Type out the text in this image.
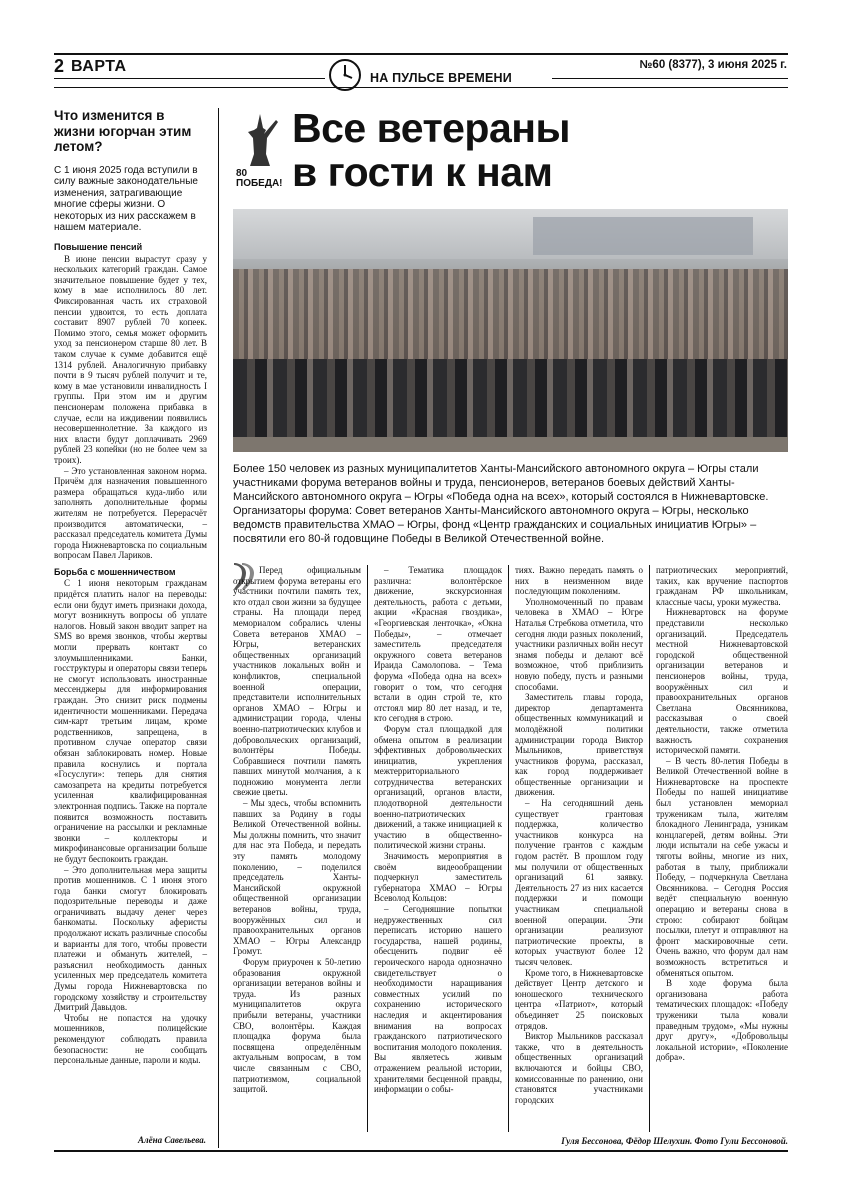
2 ВАРТА
НА ПУЛЬСЕ ВРЕМЕНИ
№60 (8377), 3 июня 2025 г.
Что изменится в жизни югорчан этим летом?
С 1 июня 2025 года вступили в силу важные законодательные изменения, затрагивающие многие сферы жизни. О некоторых из них расскажем в нашем материале.

Повышение пенсий

В июне пенсии вырастут сразу у нескольких категорий граждан. Самое значительное повышение будет у тех, кому в мае исполнилось 80 лет. Фиксированная часть их страховой пенсии удвоится, то есть доплата составит 8907 рублей 70 копеек. Помимо этого, семья может оформить уход за пенсионером старше 80 лет. В таком случае к сумме добавится ещё 1314 рублей. Аналогичную прибавку почти в 9 тысяч рублей получит и те, кому в мае установили инвалидность I группы. При этом им и другим пенсионерам положена прибавка в случае, если на иждивении появились несовершеннолетние. За каждого из них власти будут доплачивать 2969 рублей 23 копейки (но не более чем за троих).

– Это установленная законом норма. Причём для назначения повышенного размера обращаться куда-либо или заполнять дополнительные формы жителям не потребуется. Перерасчёт производится автоматически, – рассказал председатель комитета Думы города Нижневартовска по социальным вопросам Павел Лариков.

Борьба с мошенничеством

С 1 июня некоторым гражданам придётся платить налог на переводы: если они будут иметь признаки дохода, могут возникнуть вопросы об уплате налогов. Новый закон вводит запрет на SMS во время звонков, чтобы жертвы могли прервать контакт со злоумышленниками. Банки, госструктуры и операторы связи теперь не смогут использовать иностранные мессенджеры для информирования граждан. Это снизит риск подмены идентичности мошенниками. Передача сим-карт третьим лицам, кроме родственников, запрещена, в противном случае оператор связи обязан заблокировать номер. Новые правила коснулись и портала «Госуслуги»: теперь для снятия самозапрета на кредиты потребуется усиленная квалифицированная электронная подпись. Также на портале появится возможность поставить ограничение на рассылки и рекламные звонки – коллекторы и микрофинансовые организации больше не будут беспокоить граждан.

– Это дополнительная мера защиты против мошенников. С 1 июня этого года банки смогут блокировать подозрительные переводы и даже ограничивать выдачу денег через банкоматы. Поскольку аферисты продолжают искать различные способы и варианты для того, чтобы провести платежи и обмануть жителей, – разъяснил необходимость данных усиленных мер председатель комитета Думы города Нижневартовска по городскому хозяйству и строительству Дмитрий Давыдов.

Чтобы не попастся на удочку мошенников, полицейские рекомендуют соблюдать правила безопасности: не сообщать персональные данные, пароли и коды.

Алёна Савельева.
80 ПОБЕДА!
Все ветераны
в гости к нам
Более 150 человек из разных муниципалитетов Ханты-Мансийского автономного округа – Югры стали участниками форума ветеранов войны и труда, пенсионеров, ветеранов боевых действий Ханты-Мансийского автономного округа – Югры «Победа одна на всех», который состоялся в Нижневартовске. Организаторы форума: Совет ветеранов Ханты-Мансийского автономного округа – Югры, несколько ведомств правительства ХМАО – Югры, фонд «Центр гражданских и социальных инициатив Югры» – посвятили его 80-й годовщине Победы в Великой Отечественной войне.

Перед официальным открытием форума ветераны его участники почтили память тех, кто отдал свои жизни за будущее страны. На площади перед мемориалом собрались члены Совета ветеранов ХМАО – Югры, ветеранских общественных организаций участников локальных войн и конфликтов, специальной военной операции, представители исполнительных органов ХМАО – Югры и администрации города, члены военно-патриотических клубов и добровольческих организаций, волонтёры Победы. Собравшиеся почтили память павших минутой молчания, а к подножию монумента легли свежие цветы.

– Мы здесь, чтобы вспомнить павших за Родину в годы Великой Отечественной войны. Мы должны помнить, что значит для нас эта Победа, и передать эту память молодому поколению, – поделился председатель Ханты-Мансийской окружной общественной организации ветеранов войны, труда, вооружённых сил и правоохранительных органов ХМАО – Югры Александр Громут.

Форум приурочен к 50-летию образования окружной организации ветеранов войны и труда. Из разных муниципалитетов округа прибыли ветераны, участники СВО, волонтёры. Каждая площадка форума была посвящена определённым актуальным вопросам, в том числе связанным с СВО, патриотизмом, социальной защитой.

– Тематика площадок различна: волонтёрское движение, экскурсионная деятельность, работа с детьми, акции «Красная гвоздика», «Георгиевская ленточка», «Окна Победы», – отмечает заместитель председателя окружного совета ветеранов Ираида Самолопова. – Тема форума «Победа одна на всех» говорит о том, что сегодня встали в один строй те, кто отстоял мир 80 лет назад, и те, кто сегодня в строю.

Форум стал площадкой для обмена опытом в реализации эффективных добровольческих инициатив, укрепления межтерриториального сотрудничества ветеранских организаций, органов власти, плодотворной деятельности военно-патриотических движений, а также инициацией к участию в общественно-политической жизни страны.

Значимость мероприятия в своём видеообращении подчеркнул заместитель губернатора ХМАО – Югры Всеволод Кольцов:

– Сегодняшние попытки недружественных сил переписать историю нашего государства, нашей родины, обесценить подвиг её героического народа однозначно свидетельствует о необходимости наращивания совместных усилий по сохранению исторического наследия и акцентирования внимания на вопросах гражданского патриотического воспитания молодого поколения. Вы являетесь живым отражением реальной истории, хранителями бесценной правды, информации о собы-

тиях. Важно передать память о них в неизменном виде последующим поколениям.

Уполномоченный по правам человека в ХМАО – Югре Наталья Стребкова отметила, что сегодня люди разных поколений, участники различных войн несут знамя победы и делают всё возможное, чтоб приблизить новую победу, пусть и разными способами.

Заместитель главы города, директор департамента общественных коммуникаций и молодёжной политики администрации города Виктор Мыльников, приветствуя участников форума, рассказал, как город поддерживает общественные организации и движения.

– На сегодняшний день существует грантовая поддержка, количество участников конкурса на получение грантов с каждым годом растёт. В прошлом году мы получили от общественных организаций 61 заявку. Деятельность 27 из них касается поддержки и помощи участникам специальной военной операции. Эти организации реализуют патриотические проекты, в которых участвуют более 12 тысяч человек.

Кроме того, в Нижневартовске действует Центр детского и юношеского технического центра «Патриот», который объединяет 25 поисковых отрядов.

Виктор Мыльников рассказал также, что в деятельность общественных организаций включаются и бойцы СВО, комиссованные по ранению, они становятся участниками городских

патриотических мероприятий, таких, как вручение паспортов гражданам РФ школьникам, классные часы, уроки мужества.

Нижневартовск на форуме представили несколько организаций. Председатель местной Нижневартовской городской общественной организации ветеранов и пенсионеров войны, труда, вооружённых сил и правоохранительных органов Светлана Овсянникова, рассказывая о своей деятельности, также отметила важность сохранения исторической памяти.

– В честь 80-летия Победы в Великой Отечественной войне в Нижневартовске на проспекте Победы по нашей инициативе был установлен мемориал труженикам тыла, жителям блокадного Ленинграда, узникам концлагерей, детям войны. Эти люди испытали на себе ужасы и тяготы войны, многие из них, работая в тылу, приближали Победу, – подчеркнула Светлана Овсянникова. – Сегодня Россия ведёт специальную военную операцию и ветераны снова в строю: собирают бойцам посылки, плетут и отправляют на фронт маскировочные сети. Очень важно, что форум дал нам возможность встретиться и обменяться опытом.

В ходе форума была организована работа тематических площадок: «Победу труженики тыла ковали праведным трудом», «Мы нужны друг другу», «Добровольцы локальной истории», «Поколение добра».

Гуля Бессонова, Фёдор Шелухин. Фото Гули Бессоновой.
